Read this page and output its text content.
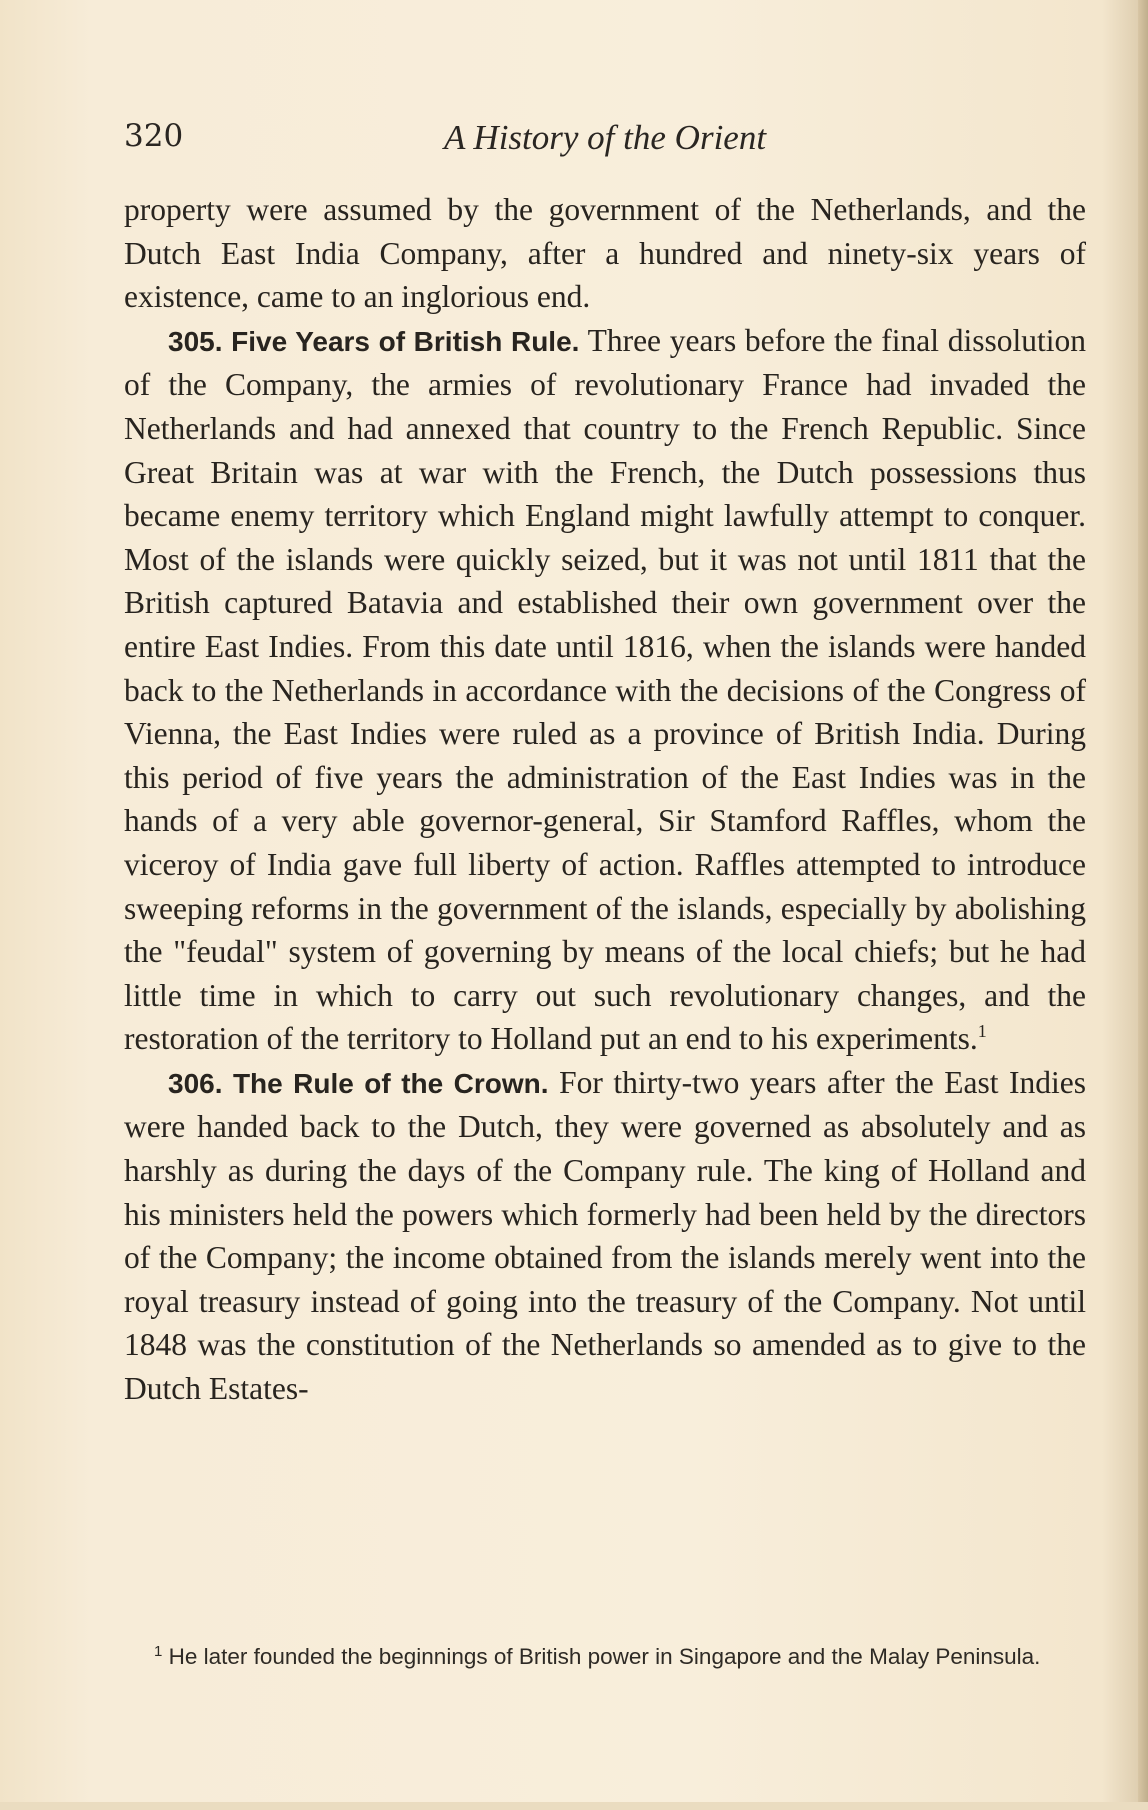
320	A History of the Orient

property were assumed by the government of the Netherlands, and the Dutch East India Company, after a hundred and ninety-six years of existence, came to an inglorious end.

305. Five Years of British Rule. Three years before the final dissolution of the Company, the armies of revolutionary France had invaded the Netherlands and had annexed that country to the French Republic. Since Great Britain was at war with the French, the Dutch possessions thus became enemy territory which England might lawfully attempt to conquer. Most of the islands were quickly seized, but it was not until 1811 that the British captured Batavia and established their own government over the entire East Indies. From this date until 1816, when the islands were handed back to the Netherlands in accordance with the decisions of the Congress of Vienna, the East Indies were ruled as a province of British India. During this period of five years the administration of the East Indies was in the hands of a very able governor-general, Sir Stamford Raffles, whom the viceroy of India gave full liberty of action. Raffles attempted to introduce sweeping reforms in the government of the islands, especially by abolishing the "feudal" system of governing by means of the local chiefs; but he had little time in which to carry out such revolutionary changes, and the restoration of the territory to Holland put an end to his experiments.$^1$

306. The Rule of the Crown. For thirty-two years after the East Indies were handed back to the Dutch, they were governed as absolutely and as harshly as during the days of the Company rule. The king of Holland and his ministers held the powers which formerly had been held by the directors of the Company; the income obtained from the islands merely went into the royal treasury instead of going into the treasury of the Company. Not until 1848 was the constitution of the Netherlands so amended as to give to the Dutch Estates-

$^1$ He later founded the beginnings of British power in Singapore and the Malay Peninsula.
